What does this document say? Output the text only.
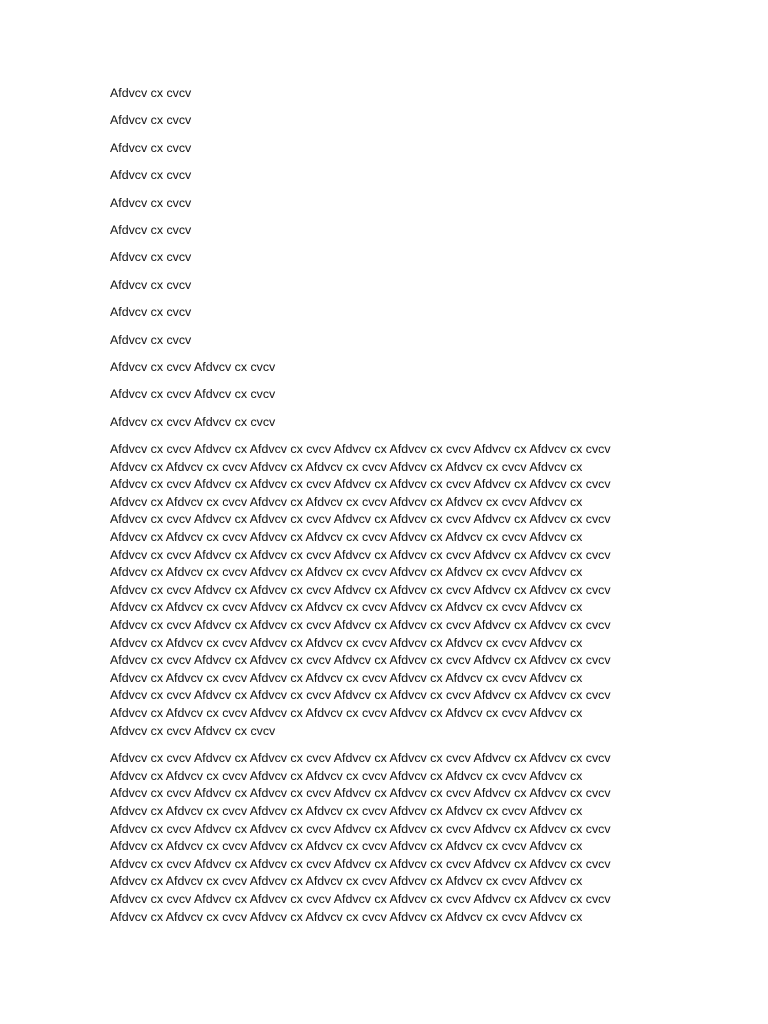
Afdvcv cx cvcv

Afdvcv cx cvcv

Afdvcv cx cvcv

Afdvcv cx cvcv

Afdvcv cx cvcv

Afdvcv cx cvcv

Afdvcv cx cvcv

Afdvcv cx cvcv

Afdvcv cx cvcv

Afdvcv cx cvcv

Afdvcv cx cvcv Afdvcv cx cvcv

Afdvcv cx cvcv Afdvcv cx cvcv

Afdvcv cx cvcv Afdvcv cx cvcv

Afdvcv cx cvcv Afdvcv cx Afdvcv cx cvcv Afdvcv cx Afdvcv cx cvcv Afdvcv cx Afdvcv cx cvcv
Afdvcv cx Afdvcv cx cvcv Afdvcv cx Afdvcv cx cvcv Afdvcv cx Afdvcv cx cvcv Afdvcv cx
Afdvcv cx cvcv Afdvcv cx Afdvcv cx cvcv Afdvcv cx Afdvcv cx cvcv Afdvcv cx Afdvcv cx cvcv
Afdvcv cx Afdvcv cx cvcv Afdvcv cx Afdvcv cx cvcv Afdvcv cx Afdvcv cx cvcv Afdvcv cx
Afdvcv cx cvcv Afdvcv cx Afdvcv cx cvcv Afdvcv cx Afdvcv cx cvcv Afdvcv cx Afdvcv cx cvcv
Afdvcv cx Afdvcv cx cvcv Afdvcv cx Afdvcv cx cvcv Afdvcv cx Afdvcv cx cvcv Afdvcv cx
Afdvcv cx cvcv Afdvcv cx Afdvcv cx cvcv Afdvcv cx Afdvcv cx cvcv Afdvcv cx Afdvcv cx cvcv
Afdvcv cx Afdvcv cx cvcv Afdvcv cx Afdvcv cx cvcv Afdvcv cx Afdvcv cx cvcv Afdvcv cx
Afdvcv cx cvcv Afdvcv cx Afdvcv cx cvcv Afdvcv cx Afdvcv cx cvcv Afdvcv cx Afdvcv cx cvcv
Afdvcv cx Afdvcv cx cvcv Afdvcv cx Afdvcv cx cvcv Afdvcv cx Afdvcv cx cvcv Afdvcv cx
Afdvcv cx cvcv Afdvcv cx Afdvcv cx cvcv Afdvcv cx Afdvcv cx cvcv Afdvcv cx Afdvcv cx cvcv
Afdvcv cx Afdvcv cx cvcv Afdvcv cx Afdvcv cx cvcv Afdvcv cx Afdvcv cx cvcv Afdvcv cx
Afdvcv cx cvcv Afdvcv cx Afdvcv cx cvcv Afdvcv cx Afdvcv cx cvcv Afdvcv cx Afdvcv cx cvcv
Afdvcv cx Afdvcv cx cvcv Afdvcv cx Afdvcv cx cvcv Afdvcv cx Afdvcv cx cvcv Afdvcv cx
Afdvcv cx cvcv Afdvcv cx Afdvcv cx cvcv Afdvcv cx Afdvcv cx cvcv Afdvcv cx Afdvcv cx cvcv
Afdvcv cx Afdvcv cx cvcv Afdvcv cx Afdvcv cx cvcv Afdvcv cx Afdvcv cx cvcv Afdvcv cx
Afdvcv cx cvcv Afdvcv cx cvcv

Afdvcv cx cvcv Afdvcv cx Afdvcv cx cvcv Afdvcv cx Afdvcv cx cvcv Afdvcv cx Afdvcv cx cvcv
Afdvcv cx Afdvcv cx cvcv Afdvcv cx Afdvcv cx cvcv Afdvcv cx Afdvcv cx cvcv Afdvcv cx
Afdvcv cx cvcv Afdvcv cx Afdvcv cx cvcv Afdvcv cx Afdvcv cx cvcv Afdvcv cx Afdvcv cx cvcv
Afdvcv cx Afdvcv cx cvcv Afdvcv cx Afdvcv cx cvcv Afdvcv cx Afdvcv cx cvcv Afdvcv cx
Afdvcv cx cvcv Afdvcv cx Afdvcv cx cvcv Afdvcv cx Afdvcv cx cvcv Afdvcv cx Afdvcv cx cvcv
Afdvcv cx Afdvcv cx cvcv Afdvcv cx Afdvcv cx cvcv Afdvcv cx Afdvcv cx cvcv Afdvcv cx
Afdvcv cx cvcv Afdvcv cx Afdvcv cx cvcv Afdvcv cx Afdvcv cx cvcv Afdvcv cx Afdvcv cx cvcv
Afdvcv cx Afdvcv cx cvcv Afdvcv cx Afdvcv cx cvcv Afdvcv cx Afdvcv cx cvcv Afdvcv cx
Afdvcv cx cvcv Afdvcv cx Afdvcv cx cvcv Afdvcv cx Afdvcv cx cvcv Afdvcv cx Afdvcv cx cvcv
Afdvcv cx Afdvcv cx cvcv Afdvcv cx Afdvcv cx cvcv Afdvcv cx Afdvcv cx cvcv Afdvcv cx
